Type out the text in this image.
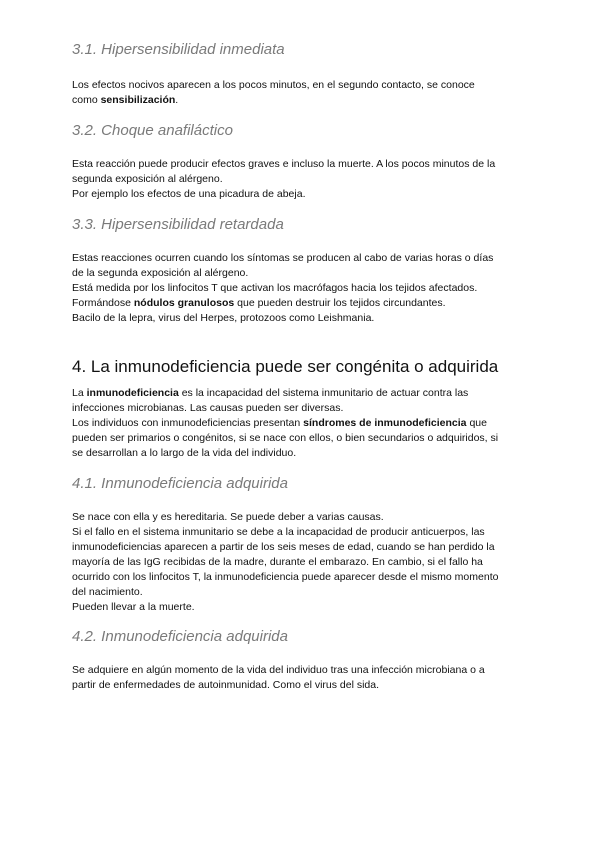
3.1. Hipersensibilidad inmediata

Los efectos nocivos aparecen a los pocos minutos, en el segundo contacto, se conoce
como sensibilización.

3.2. Choque anafiláctico

Esta reacción puede producir efectos graves e incluso la muerte. A los pocos minutos de la
segunda exposición al alérgeno.
Por ejemplo los efectos de una picadura de abeja.

3.3. Hipersensibilidad retardada

Estas reacciones ocurren cuando los síntomas se producen al cabo de varias horas o días
de la segunda exposición al alérgeno.
Está medida por los linfocitos T que activan los macrófagos hacia los tejidos afectados.
Formándose nódulos granulosos que pueden destruir los tejidos circundantes.
Bacilo de la lepra, virus del Herpes, protozoos como Leishmania.

4. La inmunodeficiencia puede ser congénita o adquirida

La inmunodeficiencia es la incapacidad del sistema inmunitario de actuar contra las
infecciones microbianas. Las causas pueden ser diversas.
Los individuos con inmunodeficiencias presentan síndromes de inmunodeficiencia que
pueden ser primarios o congénitos, si se nace con ellos, o bien secundarios o adquiridos, si
se desarrollan a lo largo de la vida del individuo.

4.1. Inmunodeficiencia adquirida

Se nace con ella y es hereditaria. Se puede deber a varias causas.
Si el fallo en el sistema inmunitario se debe a la incapacidad de producir anticuerpos, las
inmunodeficiencias aparecen a partir de los seis meses de edad, cuando se han perdido la
mayoría de las IgG recibidas de la madre, durante el embarazo. En cambio, si el fallo ha
ocurrido con los linfocitos T, la inmunodeficiencia puede aparecer desde el mismo momento
del nacimiento.
Pueden llevar a la muerte.

4.2. Inmunodeficiencia adquirida

Se adquiere en algún momento de la vida del individuo tras una infección microbiana o a
partir de enfermedades de autoinmunidad. Como el virus del sida.
